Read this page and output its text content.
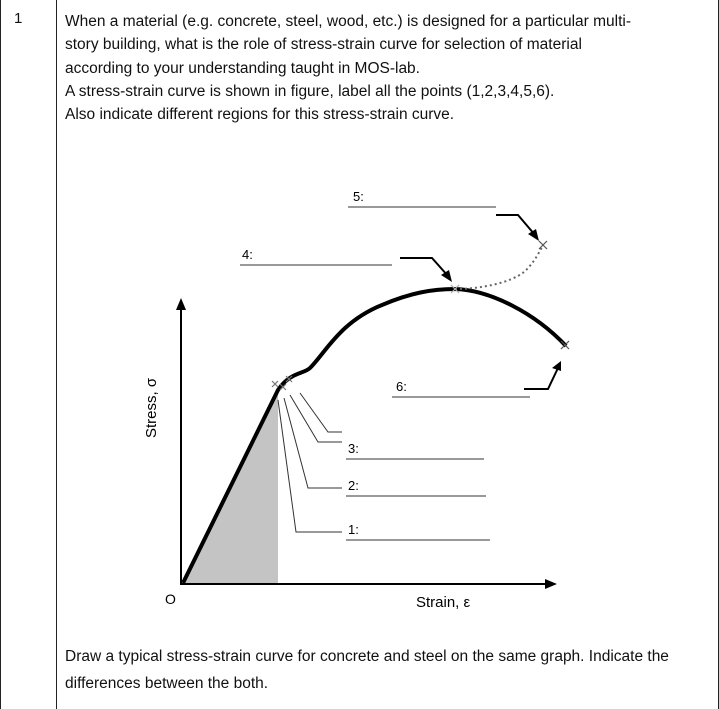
1	When a material (e.g. concrete, steel, wood, etc.) is designed for a particular multi-
story building, what is the role of stress-strain curve for selection of material
according to your understanding taught in MOS-lab.
A stress-strain curve is shown in figure, label all the points (1,2,3,4,5,6).
Also indicate different regions for this stress-strain curve.
5:
4:
6:
3:
2:
1:
O	Strain, ε
Stress, σ
Draw a typical stress-strain curve for concrete and steel on the same graph. Indicate the differences between the both.
